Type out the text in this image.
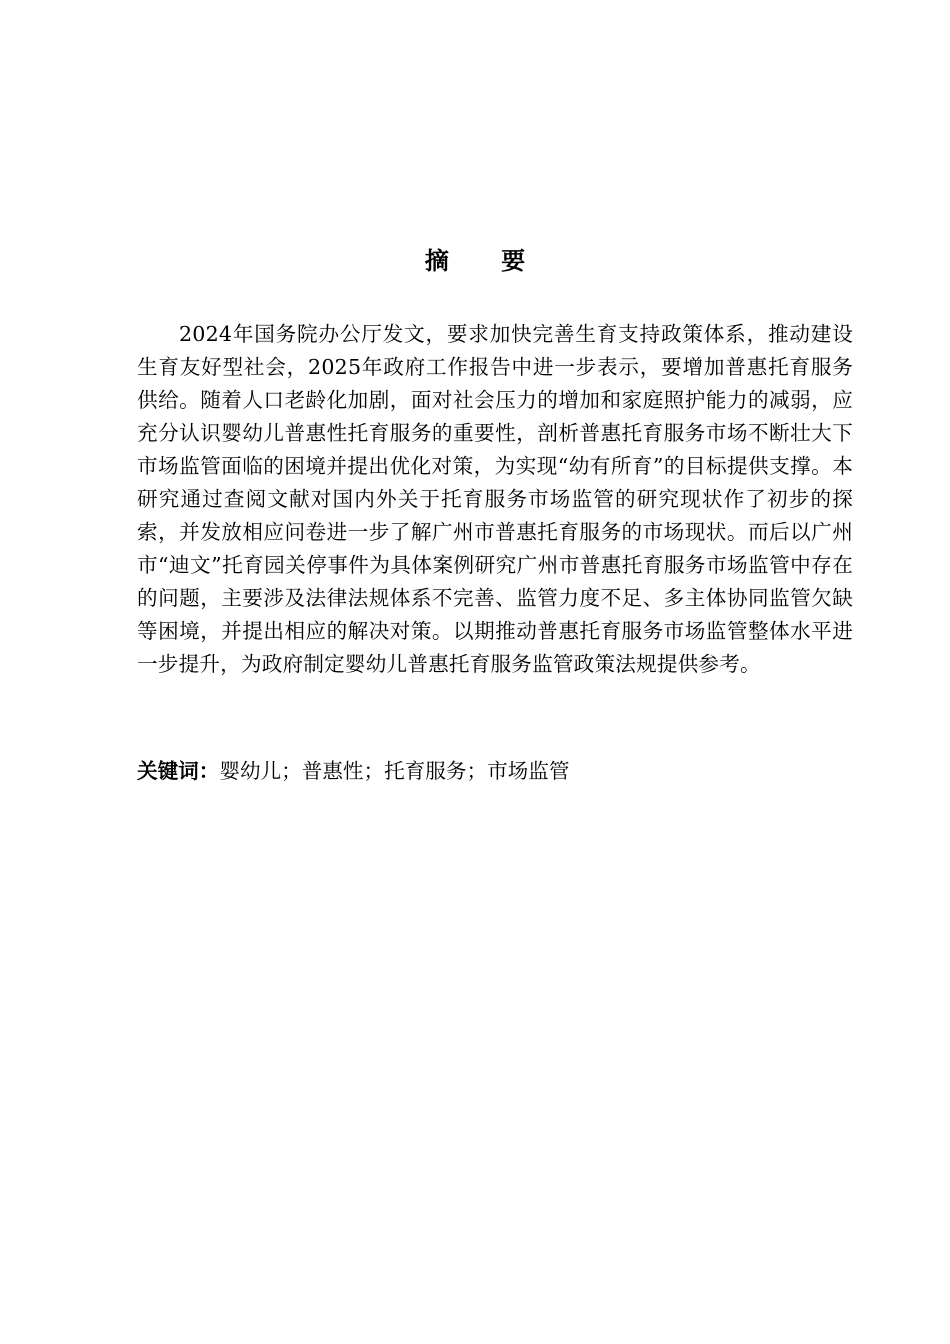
摘 要

2024年国务院办公厅发文，要求加快完善生育支持政策体系，推动建设生育友好型社会，2025年政府工作报告中进一步表示，要增加普惠托育服务供给。随着人口老龄化加剧，面对社会压力的增加和家庭照护能力的减弱，应充分认识婴幼儿普惠性托育服务的重要性，剖析普惠托育服务市场不断壮大下市场监管面临的困境并提出优化对策，为实现“幼有所育”的目标提供支撑。本研究通过查阅文献对国内外关于托育服务市场监管的研究现状作了初步的探索，并发放相应问卷进一步了解广州市普惠托育服务的市场现状。而后以广州市“迪文”托育园关停事件为具体案例研究广州市普惠托育服务市场监管中存在的问题，主要涉及法律法规体系不完善、监管力度不足、多主体协同监管欠缺等困境，并提出相应的解决对策。以期推动普惠托育服务市场监管整体水平进一步提升，为政府制定婴幼儿普惠托育服务监管政策法规提供参考。

关键词：婴幼儿；普惠性；托育服务；市场监管
